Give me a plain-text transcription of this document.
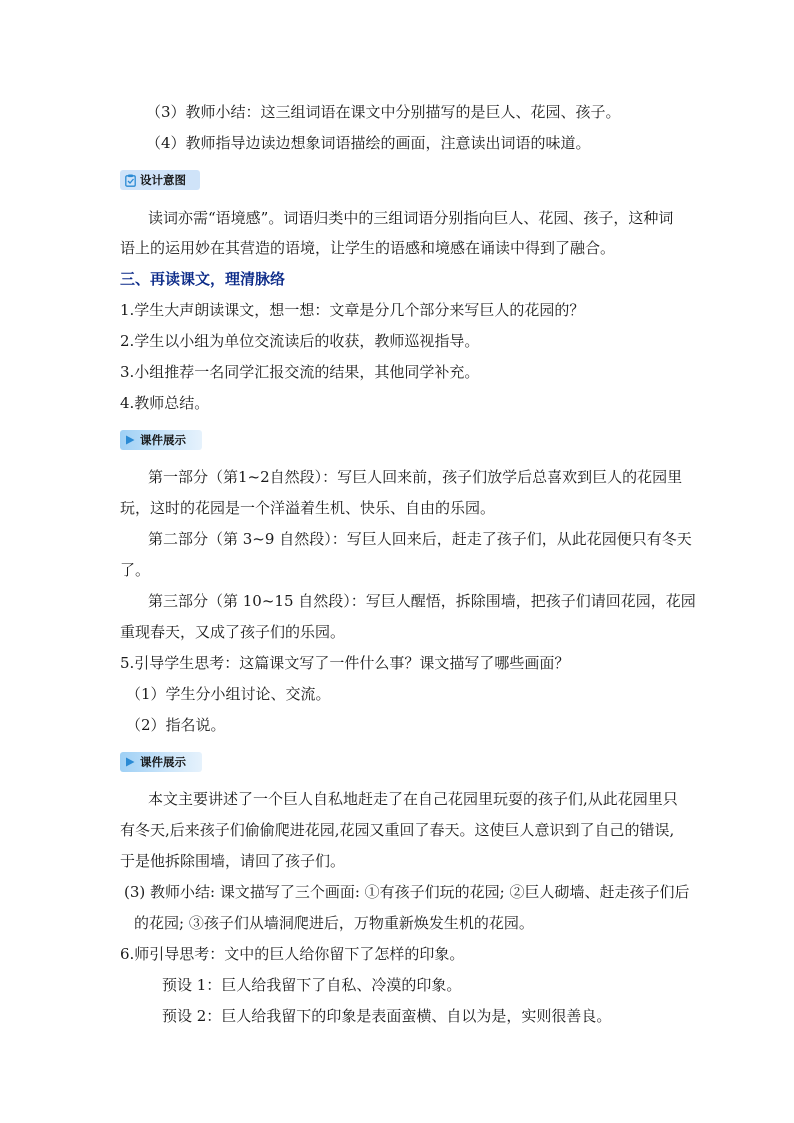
（3）教师小结：这三组词语在课文中分别描写的是巨人、花园、孩子。
（4）教师指导边读边想象词语描绘的画面，注意读出词语的味道。
设计意图
读词亦需“语境感”。词语归类中的三组词语分别指向巨人、花园、孩子，这种词
语上的运用妙在其营造的语境，让学生的语感和境感在诵读中得到了融合。
三、再读课文，理清脉络
1.学生大声朗读课文，想一想：文章是分几个部分来写巨人的花园的？
2.学生以小组为单位交流读后的收获，教师巡视指导。
3.小组推荐一名同学汇报交流的结果，其他同学补充。
4.教师总结。
课件展示
第一部分（第1~2自然段）：写巨人回来前，孩子们放学后总喜欢到巨人的花园里
玩，这时的花园是一个洋溢着生机、快乐、自由的乐园。
第二部分（第 3~9 自然段）：写巨人回来后，赶走了孩子们，从此花园便只有冬天
了。
第三部分（第 10~15 自然段）：写巨人醒悟，拆除围墙，把孩子们请回花园，花园
重现春天，又成了孩子们的乐园。
5.引导学生思考：这篇课文写了一件什么事？课文描写了哪些画面？
（1）学生分小组讨论、交流。
（2）指名说。
课件展示
本文主要讲述了一个巨人自私地赶走了在自己花园里玩耍的孩子们,从此花园里只
有冬天,后来孩子们偷偷爬进花园,花园又重回了春天。这使巨人意识到了自己的错误,
于是他拆除围墙，请回了孩子们。
(3) 教师小结: 课文描写了三个画面: ①有孩子们玩的花园; ②巨人砌墙、赶走孩子们后
的花园; ③孩子们从墙洞爬进后，万物重新焕发生机的花园。
6.师引导思考：文中的巨人给你留下了怎样的印象。
预设 1：巨人给我留下了自私、冷漠的印象。
预设 2：巨人给我留下的印象是表面蛮横、自以为是，实则很善良。
